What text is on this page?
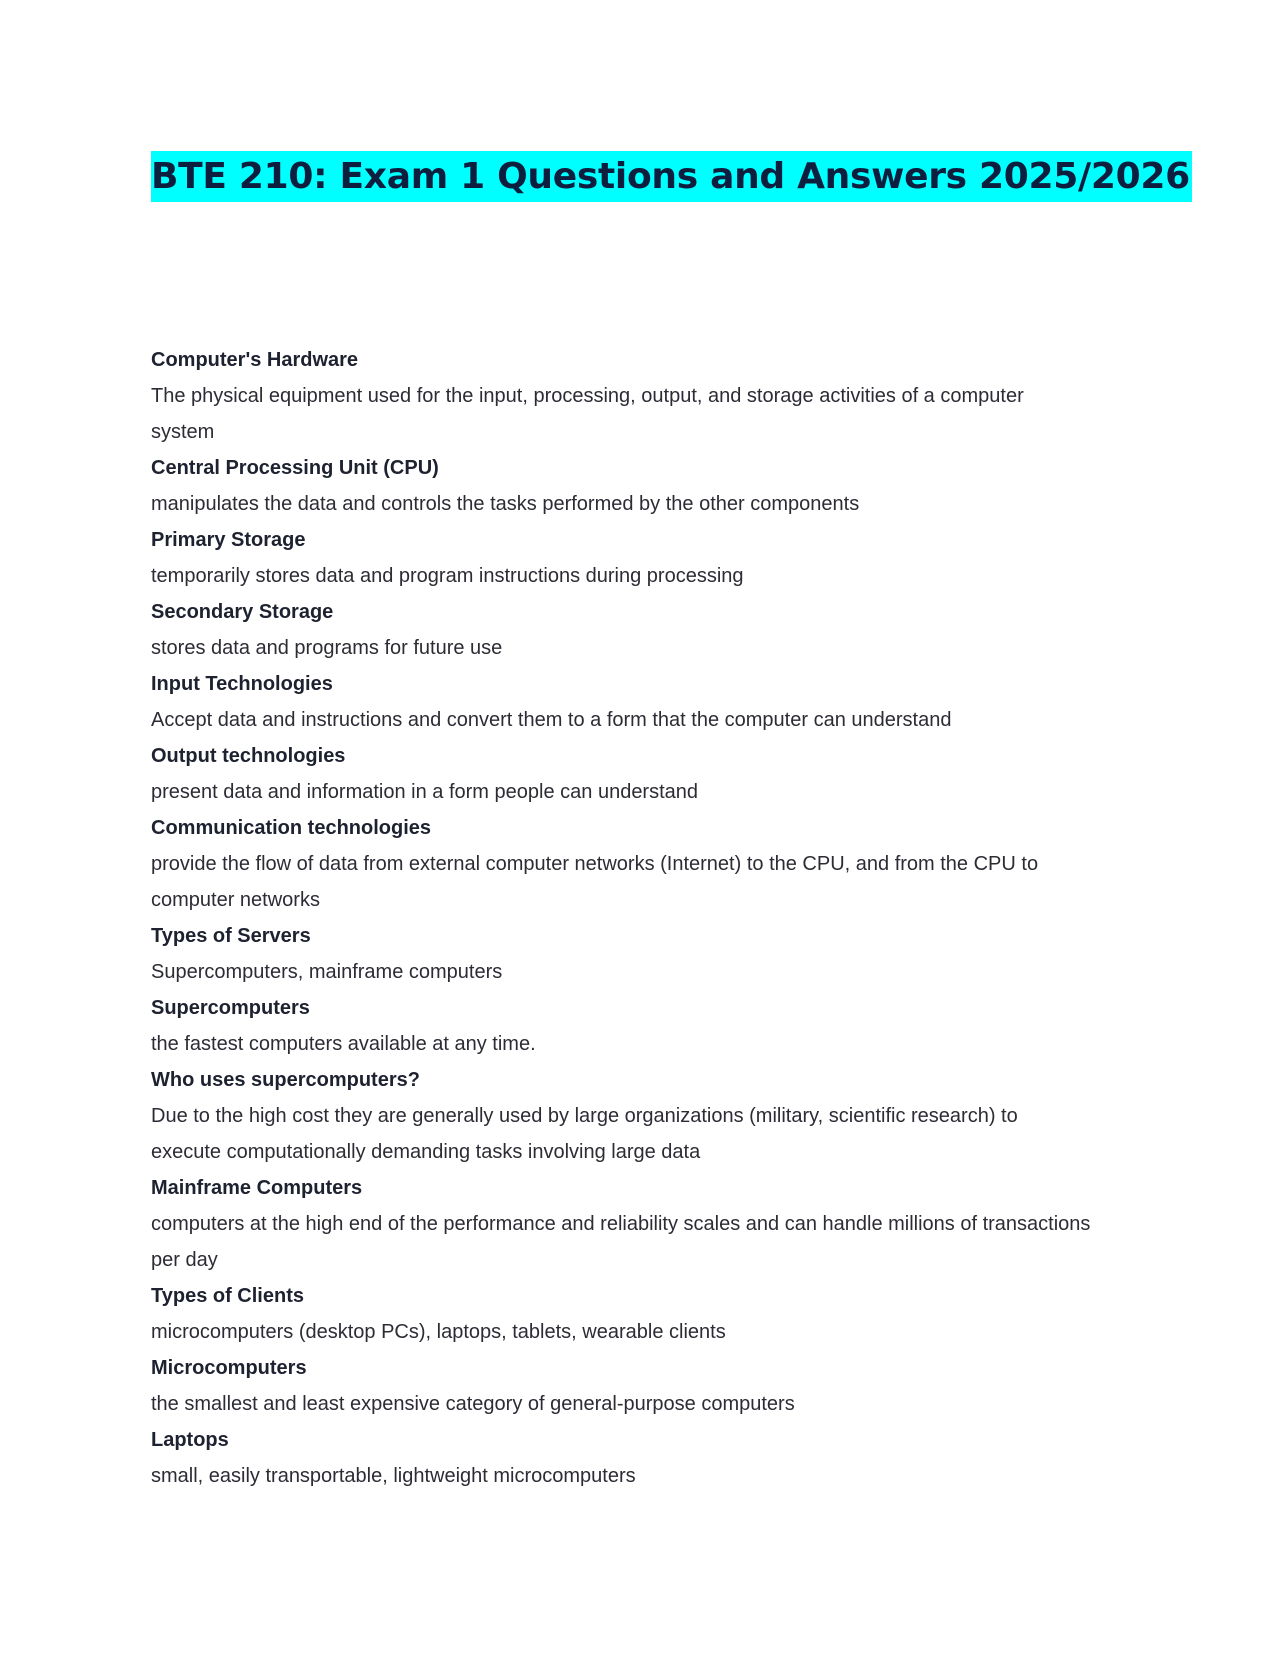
BTE 210: Exam 1 Questions and Answers 2025/2026

Computer's Hardware

The physical equipment used for the input, processing, output, and storage activities of a computer system

Central Processing Unit (CPU)

manipulates the data and controls the tasks performed by the other components

Primary Storage

temporarily stores data and program instructions during processing

Secondary Storage

stores data and programs for future use

Input Technologies

Accept data and instructions and convert them to a form that the computer can understand

Output technologies

present data and information in a form people can understand

Communication technologies

provide the flow of data from external computer networks (Internet) to the CPU, and from the CPU to computer networks

Types of Servers

Supercomputers, mainframe computers

Supercomputers

the fastest computers available at any time.

Who uses supercomputers?

Due to the high cost they are generally used by large organizations (military, scientific research) to execute computationally demanding tasks involving large data

Mainframe Computers

computers at the high end of the performance and reliability scales and can handle millions of transactions per day

Types of Clients

microcomputers (desktop PCs), laptops, tablets, wearable clients

Microcomputers

the smallest and least expensive category of general-purpose computers

Laptops

small, easily transportable, lightweight microcomputers
